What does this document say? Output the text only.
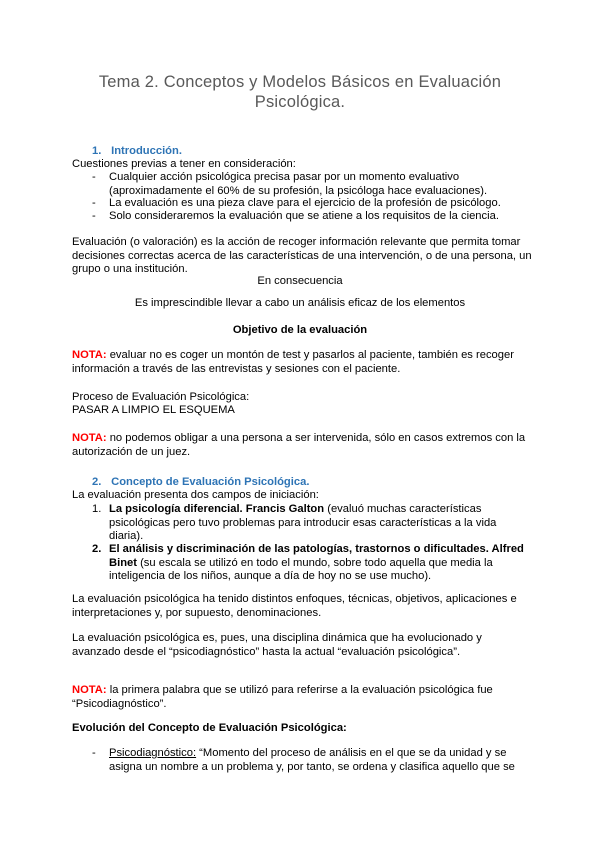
Tema 2. Conceptos y Modelos Básicos en Evaluación
Psicológica.
1. Introducción.
Cuestiones previas a tener en consideración:
- Cualquier acción psicológica precisa pasar por un momento evaluativo (aproximadamente el 60% de su profesión, la psicóloga hace evaluaciones).
- La evaluación es una pieza clave para el ejercicio de la profesión de psicólogo.
- Solo consideraremos la evaluación que se atiene a los requisitos de la ciencia.
Evaluación (o valoración) es la acción de recoger información relevante que permita tomar decisiones correctas acerca de las características de una intervención, o de una persona, un grupo o una institución.
En consecuencia
Es imprescindible llevar a cabo un análisis eficaz de los elementos
Objetivo de la evaluación
NOTA: evaluar no es coger un montón de test y pasarlos al paciente, también es recoger información a través de las entrevistas y sesiones con el paciente.
Proceso de Evaluación Psicológica:
PASAR A LIMPIO EL ESQUEMA
NOTA: no podemos obligar a una persona a ser intervenida, sólo en casos extremos con la autorización de un juez.
2. Concepto de Evaluación Psicológica.
La evaluación presenta dos campos de iniciación:
1. La psicología diferencial. Francis Galton (evaluó muchas características psicológicas pero tuvo problemas para introducir esas características a la vida diaria).
2. El análisis y discriminación de las patologías, trastornos o dificultades. Alfred Binet (su escala se utilizó en todo el mundo, sobre todo aquella que media la inteligencia de los niños, aunque a día de hoy no se use mucho).
La evaluación psicológica ha tenido distintos enfoques, técnicas, objetivos, aplicaciones e interpretaciones y, por supuesto, denominaciones.
La evaluación psicológica es, pues, una disciplina dinámica que ha evolucionado y avanzado desde el “psicodiagnóstico” hasta la actual “evaluación psicológica”.
NOTA: la primera palabra que se utilizó para referirse a la evaluación psicológica fue “Psicodiagnóstico”.
Evolución del Concepto de Evaluación Psicológica:
- Psicodiagnóstico: “Momento del proceso de análisis en el que se da unidad y se asigna un nombre a un problema y, por tanto, se ordena y clasifica aquello que se
